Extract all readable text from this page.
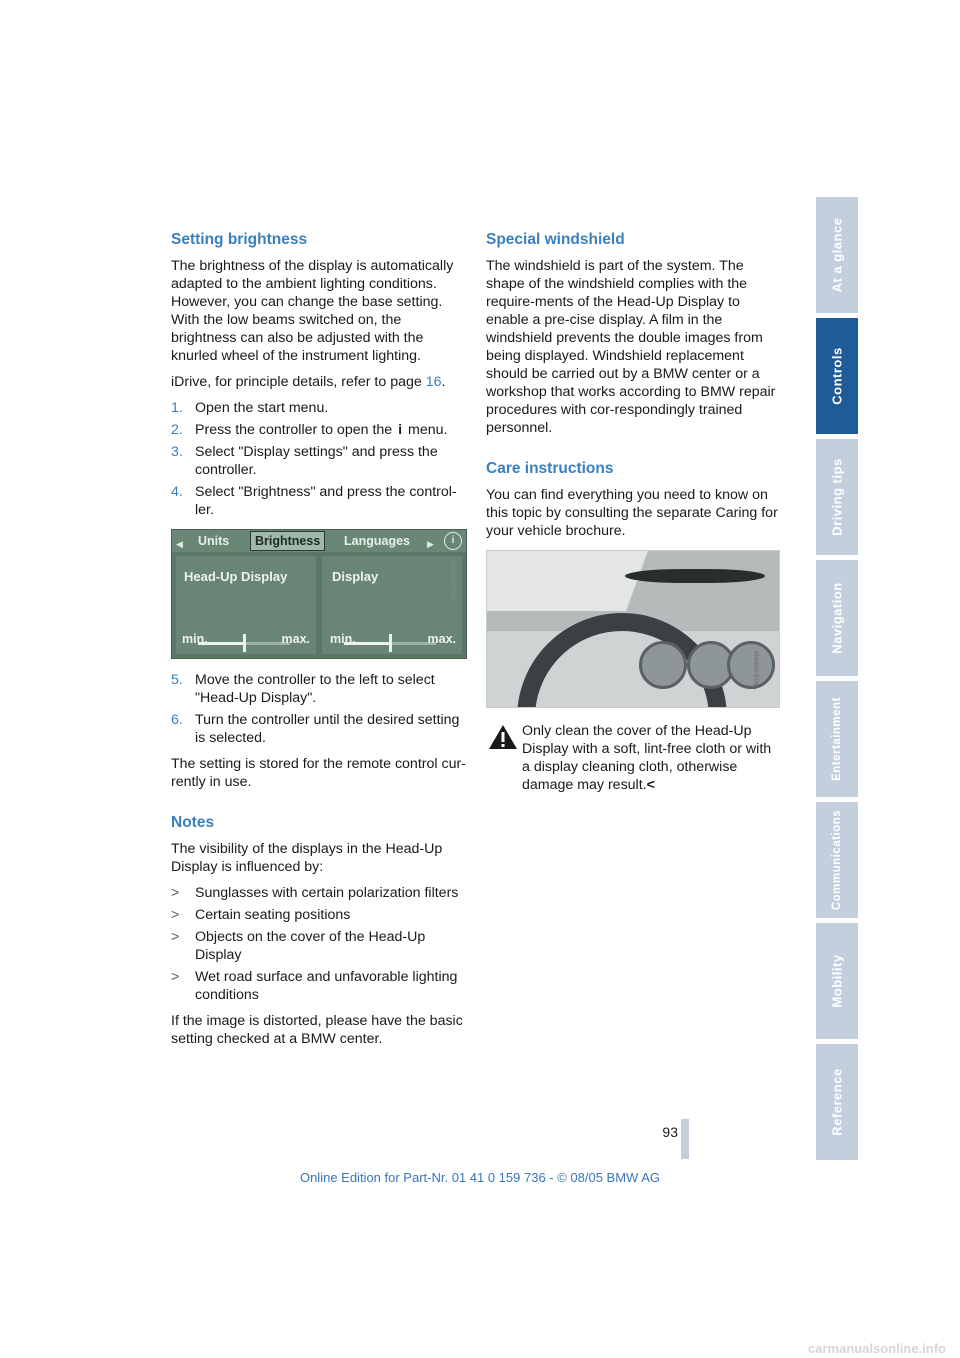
Setting brightness

The brightness of the display is automatically adapted to the ambient lighting conditions. However, you can change the base setting. With the low beams switched on, the brightness can also be adjusted with the knurled wheel of the instrument lighting.

iDrive, for principle details, refer to page 16.

1. Open the start menu.
2. Press the controller to open the i menu.
3. Select "Display settings" and press the controller.
4. Select "Brightness" and press the control-ler.
◀ Units	Brightness	Languages ▶	i
Head-Up Display
min.	max.
Display
min.	max.
VN15-5008NA
5. Move the controller to the left to select "Head-Up Display".
6. Turn the controller until the desired setting is selected.

The setting is stored for the remote control cur-rently in use.

Notes

The visibility of the displays in the Head-Up Display is influenced by:

> Sunglasses with certain polarization filters
> Certain seating positions
> Objects on the cover of the Head-Up Display
> Wet road surface and unfavorable lighting conditions

If the image is distorted, please have the basic setting checked at a BMW center.

Special windshield

The windshield is part of the system. The shape of the windshield complies with the require-ments of the Head-Up Display to enable a pre-cise display. A film in the windshield prevents the double images from being displayed. Windshield replacement should be carried out by a BMW center or a workshop that works according to BMW repair procedures with cor-respondingly trained personnel.

Care instructions

You can find everything you need to know on this topic by consulting the separate Caring for your vehicle brochure.

VN16-0080NA
Only clean the cover of the Head-Up Display with a soft, lint-free cloth or with a display cleaning cloth, otherwise damage may result.<
At a glance
Controls
Driving tips
Navigation
Entertainment
Communications
Mobility
Reference
93
Online Edition for Part-Nr. 01 41 0 159 736 - © 08/05 BMW AG
carmanualsonline.info
